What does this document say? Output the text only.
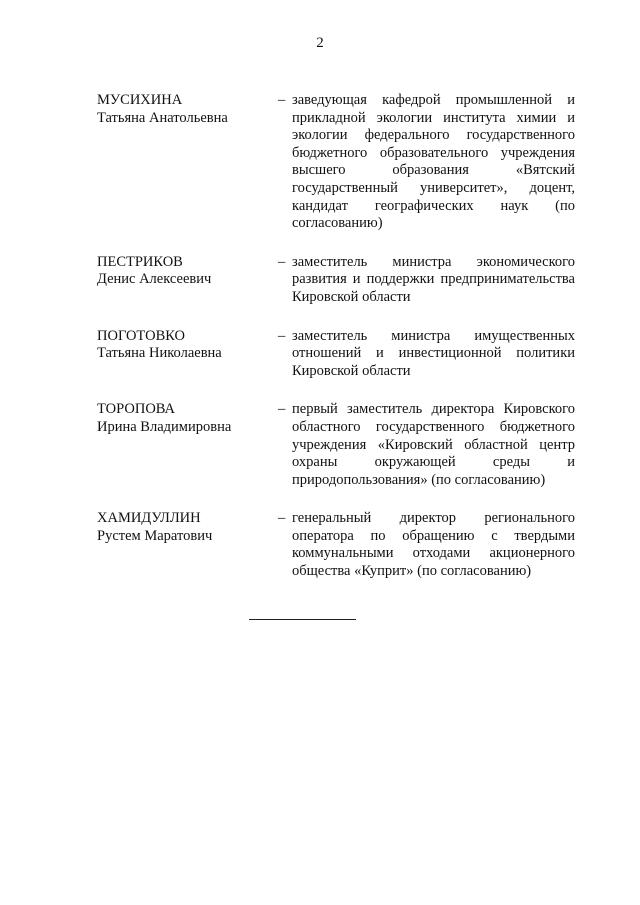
2
МУСИХИНА
Татьяна Анатольевна
– заведующая кафедрой промышленной и прикладной экологии института химии и экологии федерального государственного бюджетного образовательного учреждения высшего образования «Вятский государственный университет», доцент, кандидат географических наук (по согласованию)
ПЕСТРИКОВ
Денис Алексеевич
– заместитель министра экономического развития и поддержки предпринимательства Кировской области
ПОГОТОВКО
Татьяна Николаевна
– заместитель министра имущественных отношений и инвестиционной политики Кировской области
ТОРОПОВА
Ирина Владимировна
– первый заместитель директора Кировского областного государственного бюджетного учреждения «Кировский областной центр охраны окружающей среды и природопользования» (по согласованию)
ХАМИДУЛЛИН
Рустем Маратович
– генеральный директор регионального оператора по обращению с твердыми коммунальными отходами акционерного общества «Куприт» (по согласованию)
